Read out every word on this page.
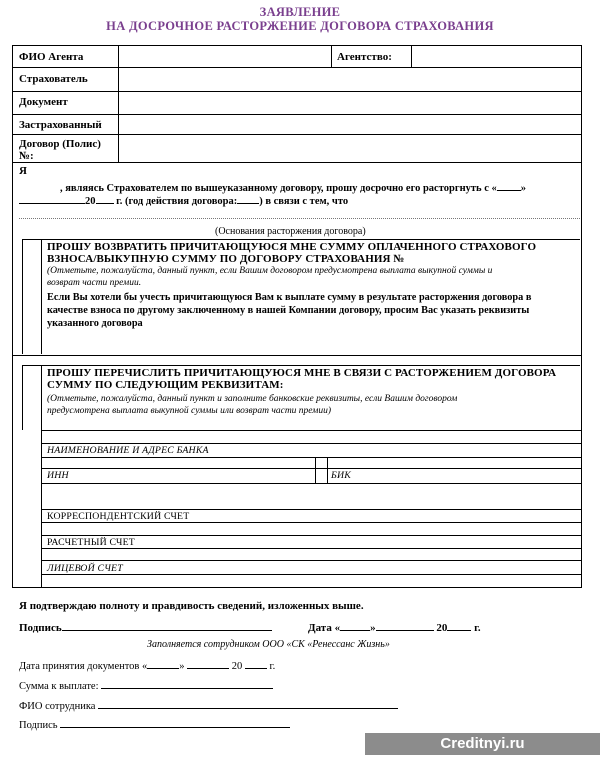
ЗАЯВЛЕНИЕ
НА ДОСРОЧНОЕ РАСТОРЖЕНИЕ ДОГОВОРА СТРАХОВАНИЯ
ФИО Агента	Агентство:
Страхователь
Документ
Застрахованный
Договор (Полис)
№:
Я
, являясь Страхователем по вышеуказанному договору, прошу досрочно его расторгнуть с « »
20 г. (год действия договора: ) в связи с тем, что
(Основания расторжения договора)
ПРОШУ ВОЗВРАТИТЬ ПРИЧИТАЮЩУЮСЯ МНЕ СУММУ ОПЛАЧЕННОГО СТРАХОВОГО
ВЗНОСА/ВЫКУПНУЮ СУММУ ПО ДОГОВОРУ СТРАХОВАНИЯ №
(Отметьте, пожалуйста, данный пункт, если Вашим договором предусмотрена выплата выкупной суммы и
возврат части премии.
Если Вы хотели бы учесть причитающуюся Вам к выплате сумму в результате расторжения договора в
качестве взноса по другому заключенному в нашей Компании договору, просим Вас указать реквизиты
указанного договора
ПРОШУ ПЕРЕЧИСЛИТЬ ПРИЧИТАЮЩУЮСЯ МНЕ В СВЯЗИ С РАСТОРЖЕНИЕМ ДОГОВОРА
СУММУ ПО СЛЕДУЮЩИМ РЕКВИЗИТАМ:
(Отметьте, пожалуйста, данный пункт и заполните банковские реквизиты, если Вашим договором
предусмотрена выплата выкупной суммы или возврат части премии)
НАИМЕНОВАНИЕ И АДРЕС БАНКА
ИНН	БИК
КОРРЕСПОНДЕНТСКИЙ СЧЕТ
РАСЧЕТНЫЙ СЧЕТ
ЛИЦЕВОЙ СЧЕТ
Я подтверждаю полноту и правдивость сведений, изложенных выше.
Подпись	Дата «	»	20 г.
Заполняется сотрудником ООО «СК «Ренессанс Жизнь»
Дата принятия документов «	»	20	г.
Сумма к выплате:
ФИО сотрудника
Подпись
Creditnyi.ru
